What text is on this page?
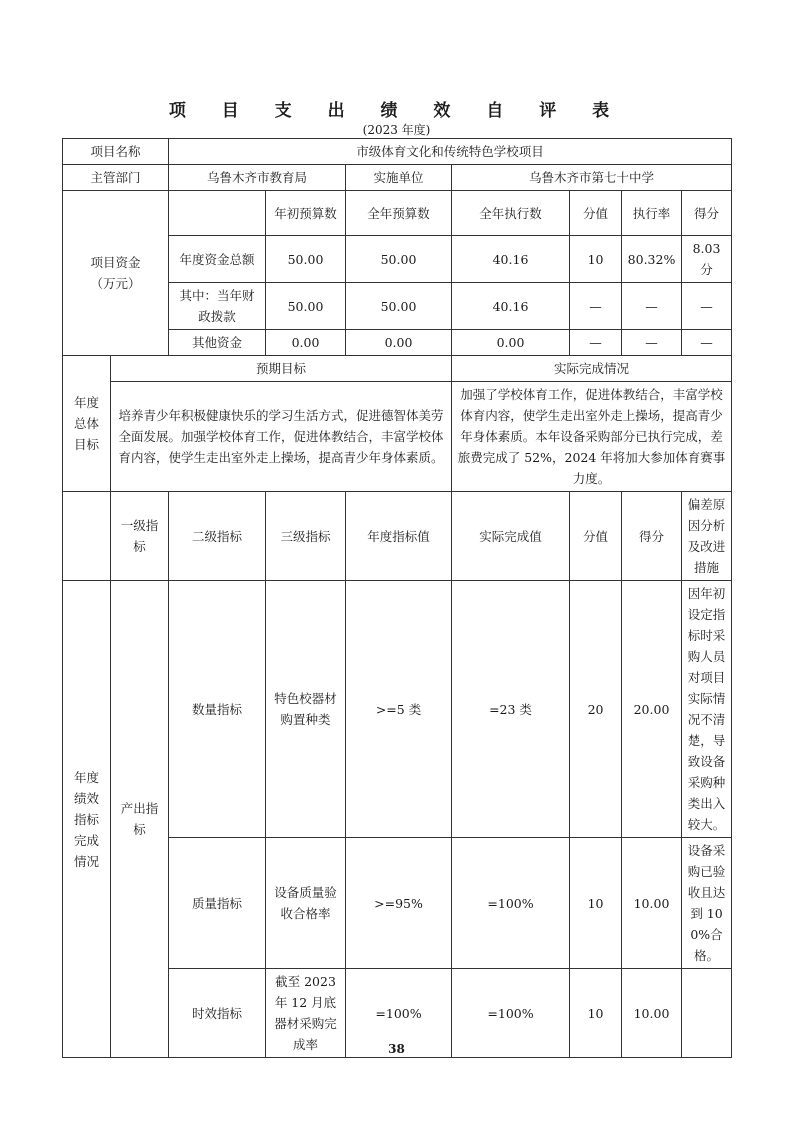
项 目 支 出 绩 效 自 评 表
(2023 年度)
项目名称		市级体育文化和传统特色学校项目						
主管部门		乌鲁木齐市教育局		实施单位	乌鲁木齐市第七十中学			
项目资金
（万元）			年初预算数	全年预算数	全年执行数	分值	执行率	得分
		年度资金总额	50.00	50.00	40.16	10	80.32%	8.03 分
		其中：当年财政拨款	50.00	50.00	40.16	—	—	—
		其他资金	0.00	0.00	0.00	—	—	—
年度总体目标	预期目标				实际完成情况			
	培养青少年积极健康快乐的学习生活方式，促进德智体美劳全面发展。加强学校体育工作，促进体教结合，丰富学校体育内容，使学生走出室外走上操场，提高青少年身体素质。				加强了学校体育工作，促进体教结合，丰富学校体育内容，使学生走出室外走上操场，提高青少年身体素质。本年设备采购部分已执行完成，差旅费完成了 52%，2024 年将加大参加体育赛事力度。			
	一级指标	二级指标	三级指标	年度指标值	实际完成值	分值	得分	偏差原因分析及改进措施
年度绩效指标完成情况	产出指标	数量指标	特色校器材购置种类	>=5 类	=23 类	20	20.00	因年初设定指标时采购人员对项目实际情况不清楚，导致设备采购种类出入较大。
		质量指标	设备质量验收合格率	>=95%	=100%	10	10.00	设备采购已验收且达到 100%合格。
		时效指标	截至 2023 年 12 月底器材采购完成率	=100%	=100%	10	10.00	
38
